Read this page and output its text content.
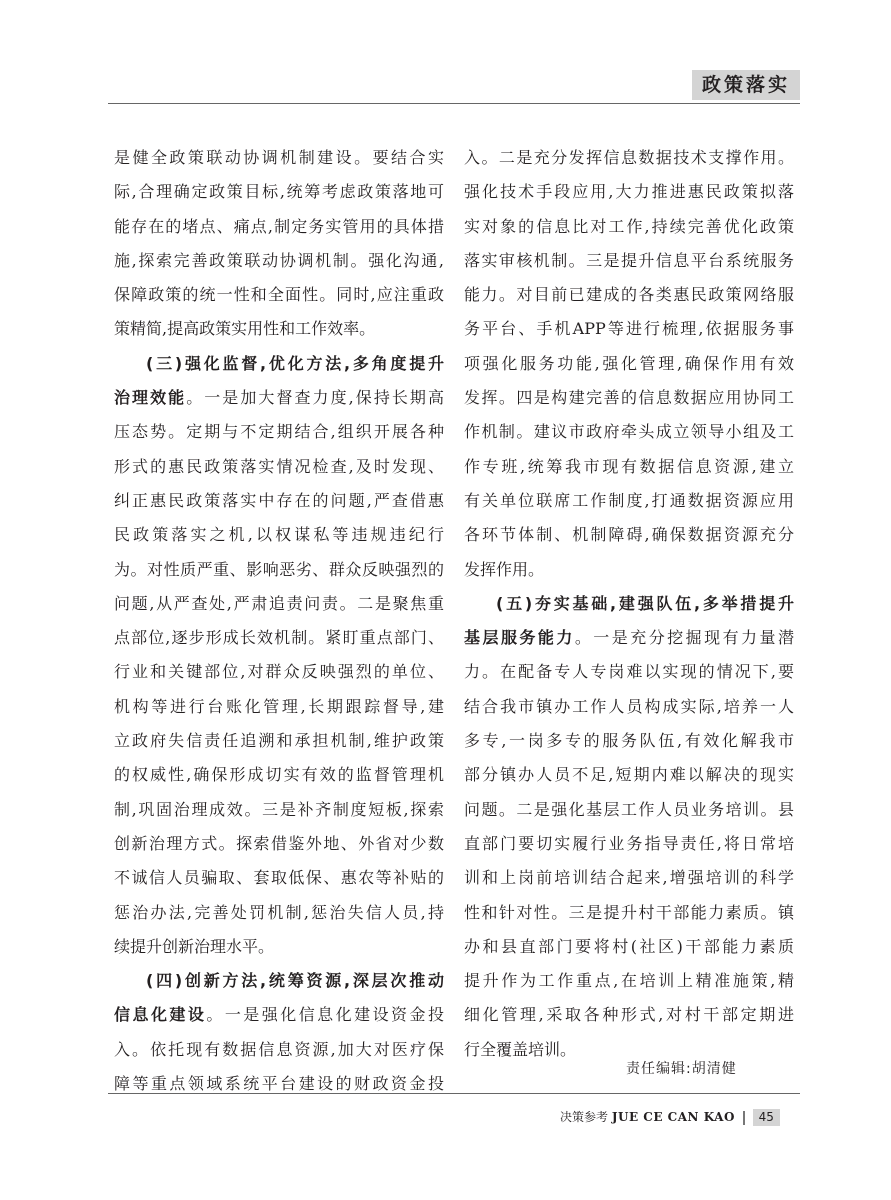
政策落实
是健全政策联动协调机制建设。要结合实
际,合理确定政策目标,统筹考虑政策落地可
能存在的堵点、痛点,制定务实管用的具体措
施,探索完善政策联动协调机制。强化沟通,
保障政策的统一性和全面性。同时,应注重政
策精简,提高政策实用性和工作效率。
(三)强化监督,优化方法,多角度提升
治理效能。一是加大督查力度,保持长期高
压态势。定期与不定期结合,组织开展各种
形式的惠民政策落实情况检查,及时发现、
纠正惠民政策落实中存在的问题,严查借惠
民政策落实之机,以权谋私等违规违纪行
为。对性质严重、影响恶劣、群众反映强烈的
问题,从严查处,严肃追责问责。二是聚焦重
点部位,逐步形成长效机制。紧盯重点部门、
行业和关键部位,对群众反映强烈的单位、
机构等进行台账化管理,长期跟踪督导,建
立政府失信责任追溯和承担机制,维护政策
的权威性,确保形成切实有效的监督管理机
制,巩固治理成效。三是补齐制度短板,探索
创新治理方式。探索借鉴外地、外省对少数
不诚信人员骗取、套取低保、惠农等补贴的
惩治办法,完善处罚机制,惩治失信人员,持
续提升创新治理水平。
(四)创新方法,统筹资源,深层次推动
信息化建设。一是强化信息化建设资金投
入。依托现有数据信息资源,加大对医疗保
障等重点领域系统平台建设的财政资金投
入。二是充分发挥信息数据技术支撑作用。
强化技术手段应用,大力推进惠民政策拟落
实对象的信息比对工作,持续完善优化政策
落实审核机制。三是提升信息平台系统服务
能力。对目前已建成的各类惠民政策网络服
务平台、手机APP等进行梳理,依据服务事
项强化服务功能,强化管理,确保作用有效
发挥。四是构建完善的信息数据应用协同工
作机制。建议市政府牵头成立领导小组及工
作专班,统筹我市现有数据信息资源,建立
有关单位联席工作制度,打通数据资源应用
各环节体制、机制障碍,确保数据资源充分
发挥作用。
(五)夯实基础,建强队伍,多举措提升
基层服务能力。一是充分挖掘现有力量潜
力。在配备专人专岗难以实现的情况下,要
结合我市镇办工作人员构成实际,培养一人
多专,一岗多专的服务队伍,有效化解我市
部分镇办人员不足,短期内难以解决的现实
问题。二是强化基层工作人员业务培训。县
直部门要切实履行业务指导责任,将日常培
训和上岗前培训结合起来,增强培训的科学
性和针对性。三是提升村干部能力素质。镇
办和县直部门要将村(社区)干部能力素质
提升作为工作重点,在培训上精准施策,精
细化管理,采取各种形式,对村干部定期进
行全覆盖培训。
责任编辑:胡清健
决策参考 JUE CE CAN KAO 45
